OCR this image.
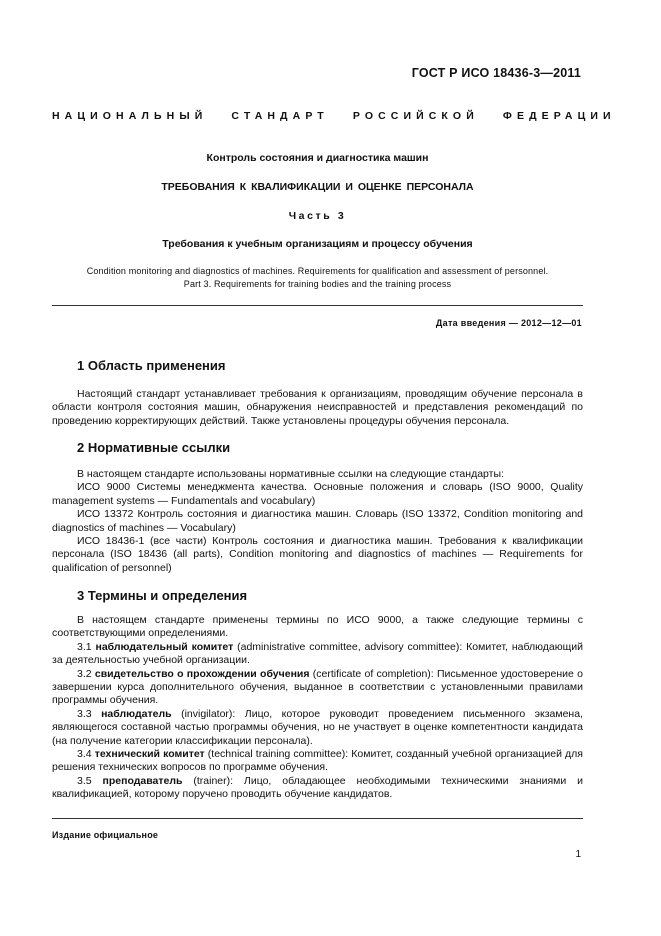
ГОСТ Р ИСО 18436-3—2011
НАЦИОНАЛЬНЫЙ   СТАНДАРТ   РОССИЙСКОЙ   ФЕДЕРАЦИИ
Контроль состояния и диагностика машин
ТРЕБОВАНИЯ К КВАЛИФИКАЦИИ И ОЦЕНКЕ ПЕРСОНАЛА
Часть 3
Требования к учебным организациям и процессу обучения
Condition monitoring and diagnostics of machines. Requirements for qualification and assessment of personnel.
Part 3. Requirements for training bodies and the training process
Дата введения — 2012—12—01
1 Область применения

Настоящий стандарт устанавливает требования к организациям, проводящим обучение персонала в области контроля состояния машин, обнаружения неисправностей и представления рекомендаций по проведению корректирующих действий. Также установлены процедуры обучения персонала.

2 Нормативные ссылки

В настоящем стандарте использованы нормативные ссылки на следующие стандарты:

ИСО 9000 Системы менеджмента качества. Основные положения и словарь (ISO 9000, Quality management systems — Fundamentals and vocabulary)

ИСО 13372 Контроль состояния и диагностика машин. Словарь (ISO 13372, Condition monitoring and diagnostics of machines — Vocabulary)

ИСО 18436-1 (все части) Контроль состояния и диагностика машин. Требования к квалификации персонала (ISO 18436 (all parts), Condition monitoring and diagnostics of machines — Requirements for qualification of personnel)

3 Термины и определения

В настоящем стандарте применены термины по ИСО 9000, а также следующие термины с соответствующими определениями.

3.1 наблюдательный комитет (administrative committee, advisory committee): Комитет, наблюдающий за деятельностью учебной организации.

3.2 свидетельство о прохождении обучения (certificate of completion): Письменное удостоверение о завершении курса дополнительного обучения, выданное в соответствии с установленными правилами программы обучения.

3.3 наблюдатель (invigilator): Лицо, которое руководит проведением письменного экзамена, являющегося составной частью программы обучения, но не участвует в оценке компетентности кандидата (на получение категории классификации персонала).

3.4 технический комитет (technical training committee): Комитет, созданный учебной организацией для решения технических вопросов по программе обучения.

3.5 преподаватель (trainer): Лицо, обладающее необходимыми техническими знаниями и квалификацией, которому поручено проводить обучение кандидатов.

Издание официальное
1
